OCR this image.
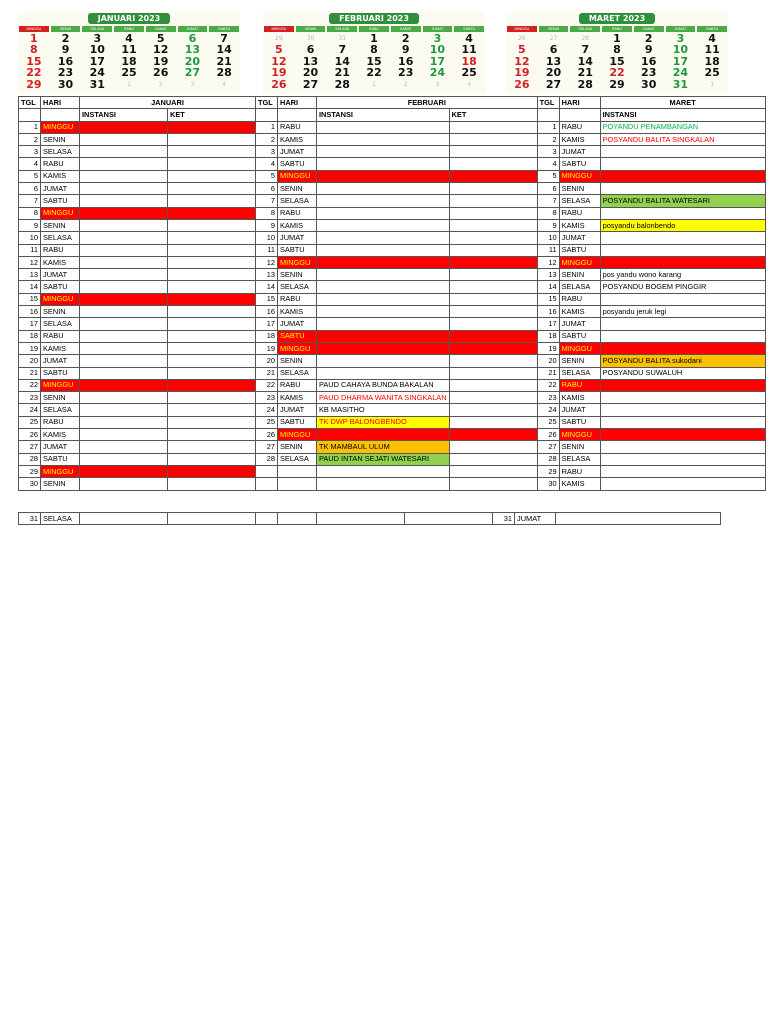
JANUARI 2023
MINGGU	SENIN	SELASA	RABU	KAMIS	JUMAT	SABTU
1	2	3	4	5	6	7
8	9	10	11	12	13	14
15	16	17	18	19	20	21
22	23	24	25	26	27	28
29	30	31	1	2	3	4
FEBRUARI 2023
MINGGU	SENIN	SELASA	RABU	KAMIS	JUMAT	SABTU
29	30	31	1	2	3	4
5	6	7	8	9	10	11
12	13	14	15	16	17	18
19	20	21	22	23	24	25
26	27	28	1	2	3	4
MARET 2023
MINGGU	SENIN	SELASA	RABU	KAMIS	JUMAT	SABTU
26	27	28	1	2	3	4
5	6	7	8	9	10	11
12	13	14	15	16	17	18
19	20	21	22	23	24	25
26	27	28	29	30	31	1
TGL	HARI	JANUARI		TGL	HARI	FEBRUARI		TGL	HARI	MARET
		INSTANSI	KET			INSTANSI	KET			INSTANSI
1	MINGGU			1	RABU			1	RABU	POYANDU PENAMBANGAN
2	SENIN			2	KAMIS			2	KAMIS	POSYANDU BALITA SINGKALAN
3	SELASA			3	JUMAT			3	JUMAT	
4	RABU			4	SABTU			4	SABTU	
5	KAMIS			5	MINGGU			5	MINGGU	
6	JUMAT			6	SENIN			6	SENIN	
7	SABTU			7	SELASA			7	SELASA	POSYANDU BALITA WATESARI
8	MINGGU			8	RABU			8	RABU	
9	SENIN			9	KAMIS			9	KAMIS	posyandu balonbendo
10	SELASA			10	JUMAT			10	JUMAT	
11	RABU			11	SABTU			11	SABTU	
12	KAMIS			12	MINGGU			12	MINGGU	
13	JUMAT			13	SENIN			13	SENIN	pos yandu wono karang
14	SABTU			14	SELASA			14	SELASA	POSYANDU BOGEM PINGGIR
15	MINGGU			15	RABU			15	RABU	
16	SENIN			16	KAMIS			16	KAMIS	posyandu jeruk legi
17	SELASA			17	JUMAT			17	JUMAT	
18	RABU			18	SABTU			18	SABTU	
19	KAMIS			19	MINGGU			19	MINGGU	
20	JUMAT			20	SENIN			20	SENIN	POSYANDU BALITA sukodani
21	SABTU			21	SELASA			21	SELASA	POSYANDU SUWALUH
22	MINGGU			22	RABU	PAUD CAHAYA BUNDA BAKALAN		22	RABU	
23	SENIN			23	KAMIS	PAUD DHARMA WANITA SINGKALAN		23	KAMIS	
24	SELASA			24	JUMAT	KB MASITHO		24	JUMAT	
25	RABU			25	SABTU	TK DWP BALONGBENDO		25	SABTU	
26	KAMIS			26	MINGGU			26	MINGGU	
27	JUMAT			27	SENIN	TK MAMBAUL ULUM		27	SENIN	
28	SABTU			28	SELASA	PAUD INTAN SEJATI WATESARI		28	SELASA	
29	MINGGU							29	RABU	
30	SENIN							30	KAMIS	
31	SELASA							31	JUMAT	
